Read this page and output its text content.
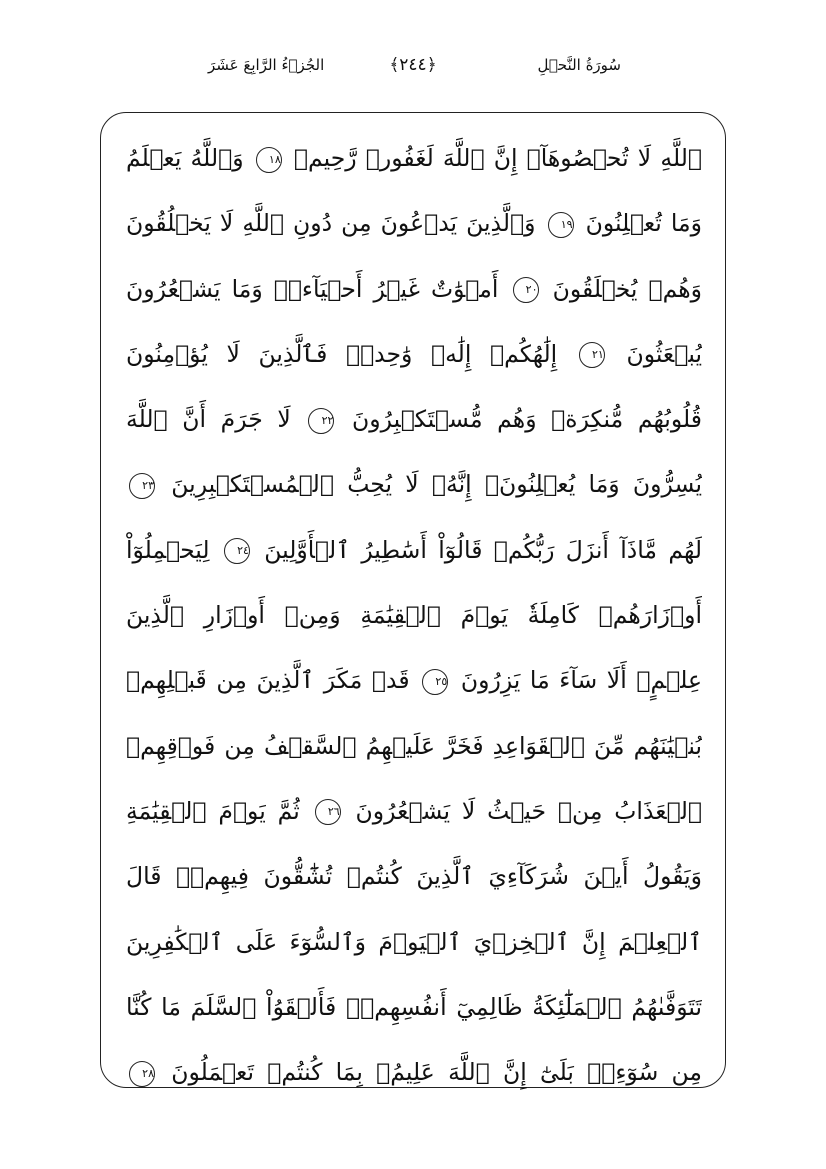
سُورَةُ النَّحۡلِ
﴿٢٤٤﴾
الجُزۡءُ الرَّابِعَ عَشَرَ
ٱللَّهِ لَا تُحۡصُوهَآۗ إِنَّ ٱللَّهَ لَغَفُورٞ رَّحِيمٞ ١٨ وَٱللَّهُ يَعۡلَمُ
وَمَا تُعۡلِنُونَ ١٩ وَٱلَّذِينَ يَدۡعُونَ مِن دُونِ ٱللَّهِ لَا يَخۡلُقُونَ
وَهُمۡ يُخۡلَقُونَ ٢٠ أَمۡوَٰتٌ غَيۡرُ أَحۡيَآءٖۖ وَمَا يَشۡعُرُونَ
يُبۡعَثُونَ ٢١ إِلَٰهُكُمۡ إِلَٰهٞ وَٰحِدٞۚ فَٱلَّذِينَ لَا يُؤۡمِنُونَ
قُلُوبُهُم مُّنكِرَةٞ وَهُم مُّسۡتَكۡبِرُونَ ٢٢ لَا جَرَمَ أَنَّ ٱللَّهَ
يُسِرُّونَ وَمَا يُعۡلِنُونَۚ إِنَّهُۥ لَا يُحِبُّ ٱلۡمُسۡتَكۡبِرِينَ ٢٣
لَهُم مَّاذَآ أَنزَلَ رَبُّكُمۡ قَالُوٓاْ أَسَٰطِيرُ ٱلۡأَوَّلِينَ ٢٤ لِيَحۡمِلُوٓاْ
أَوۡزَارَهُمۡ كَامِلَةٗ يَوۡمَ ٱلۡقِيَٰمَةِ وَمِنۡ أَوۡزَارِ ٱلَّذِينَ
عِلۡمٍۗ أَلَا سَآءَ مَا يَزِرُونَ ٢٥ قَدۡ مَكَرَ ٱلَّذِينَ مِن قَبۡلِهِمۡ
بُنۡيَٰنَهُم مِّنَ ٱلۡقَوَاعِدِ فَخَرَّ عَلَيۡهِمُ ٱلسَّقۡفُ مِن فَوۡقِهِمۡ
ٱلۡعَذَابُ مِنۡ حَيۡثُ لَا يَشۡعُرُونَ ٢٦ ثُمَّ يَوۡمَ ٱلۡقِيَٰمَةِ
وَيَقُولُ أَيۡنَ شُرَكَآءِيَ ٱلَّذِينَ كُنتُمۡ تُشَٰٓقُّونَ فِيهِمۡۚ قَالَ
ٱلۡعِلۡمَ إِنَّ ٱلۡخِزۡيَ ٱلۡيَوۡمَ وَٱلسُّوٓءَ عَلَى ٱلۡكَٰفِرِينَ
تَتَوَفَّىٰهُمُ ٱلۡمَلَٰٓئِكَةُ ظَالِمِيٓ أَنفُسِهِمۡۖ فَأَلۡقَوُاْ ٱلسَّلَمَ مَا كُنَّا
مِن سُوٓءِۭۚ بَلَىٰٓ إِنَّ ٱللَّهَ عَلِيمُۢ بِمَا كُنتُمۡ تَعۡمَلُونَ ٢٨
